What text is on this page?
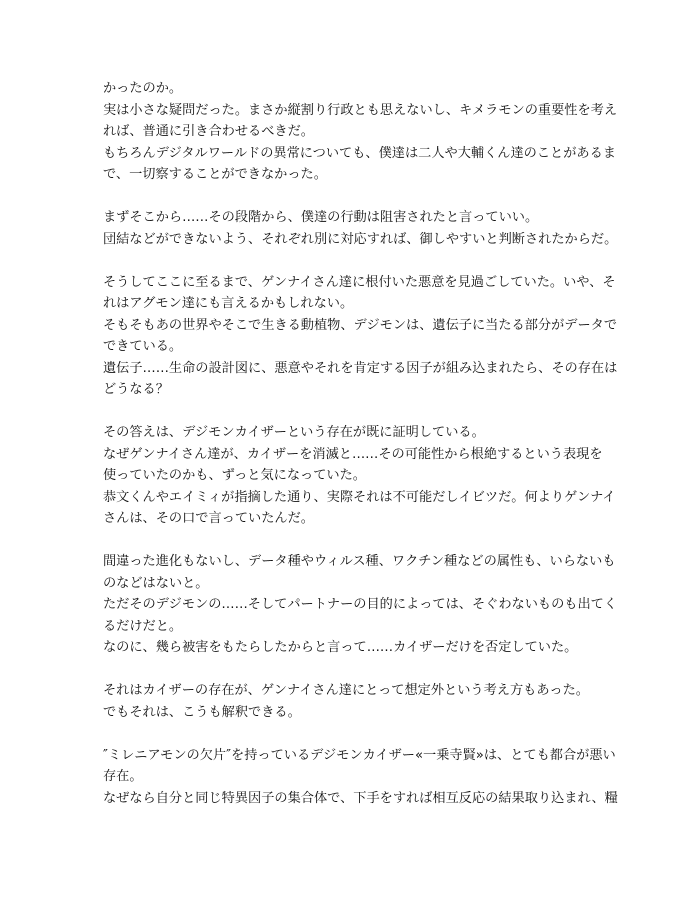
かったのか。
実は小さな疑問だった。まさか縦割り行政とも思えないし、キメラモンの重要性を考え
れば、普通に引き合わせるべきだ。
もちろんデジタルワールドの異常についても、僕達は二人や大輔くん達のことがあるま
で、一切察することができなかった。
まずそこから……その段階から、僕達の行動は阻害されたと言っていい。
団結などができないよう、それぞれ別に対応すれば、御しやすいと判断されたからだ。
そうしてここに至るまで、ゲンナイさん達に根付いた悪意を見過ごしていた。いや、そ
れはアグモン達にも言えるかもしれない。
そもそもあの世界やそこで生きる動植物、デジモンは、遺伝子に当たる部分がデータで
できている。
遺伝子……生命の設計図に、悪意やそれを肯定する因子が組み込まれたら、その存在は
どうなる？
その答えは、デジモンカイザーという存在が既に証明している。
なぜゲンナイさん達が、カイザーを消滅と……その可能性から根絶するという表現を
使っていたのかも、ずっと気になっていた。
恭文くんやエイミィが指摘した通り、実際それは不可能だしイビツだ。何よりゲンナイ
さんは、その口で言っていたんだ。
間違った進化もないし、データ種やウィルス種、ワクチン種などの属性も、いらないも
のなどはないと。
ただそのデジモンの……そしてパートナーの目的によっては、そぐわないものも出てく
るだけだと。
なのに、幾ら被害をもたらしたからと言って……カイザーだけを否定していた。
それはカイザーの存在が、ゲンナイさん達にとって想定外という考え方もあった。
でもそれは、こうも解釈できる。
″ミレニアモンの欠片″を持っているデジモンカイザー«一乗寺賢»は、とても都合が悪い
存在。
なぜなら自分と同じ特異因子の集合体で、下手をすれば相互反応の結果取り込まれ、糧
